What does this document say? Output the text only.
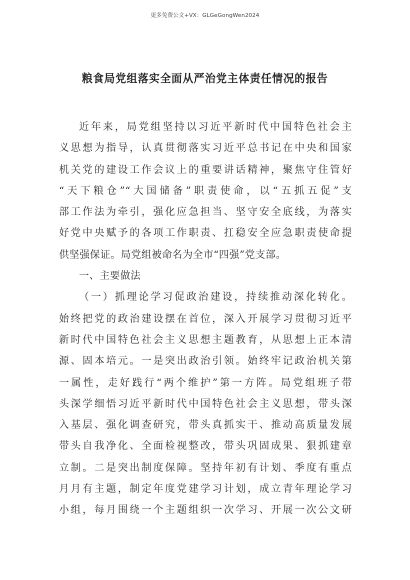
更多免费公文+VX：GLGeGongWen2024
粮食局党组落实全面从严治党主体责任情况的报告
近年来，局党组坚持以习近平新时代中国特色社会主
义思想为指导，认真贯彻落实习近平总书记在中央和国家
机关党的建设工作会议上的重要讲话精神，聚焦守住管好
“天下粮仓”“大国储备”职责使命，以“五抓五促”支
部工作法为牵引，强化应急担当、坚守安全底线，为落实
好党中央赋予的各项工作职责、扛稳安全应急职责使命提
供坚强保证。局党组被命名为全市“四强”党支部。
一、主要做法
（一）抓理论学习促政治建设，持续推动深化转化。
始终把党的政治建设摆在首位，深入开展学习贯彻习近平
新时代中国特色社会主义思想主题教育，从思想上正本清
源、固本培元。一是突出政治引领。始终牢记政治机关第
一属性，走好践行“两个维护”第一方阵。局党组班子带
头深学细悟习近平新时代中国特色社会主义思想，带头深
入基层、强化调查研究，带头真抓实干、推动高质量发展
带头自我净化、全面检视整改，带头巩固成果、狠抓建章
立制。二是突出制度保障。坚持年初有计划、季度有重点
月月有主题，制定年度党建学习计划，成立青年理论学习
小组，每月围绕一个主题组织一次学习、开展一次公文研
